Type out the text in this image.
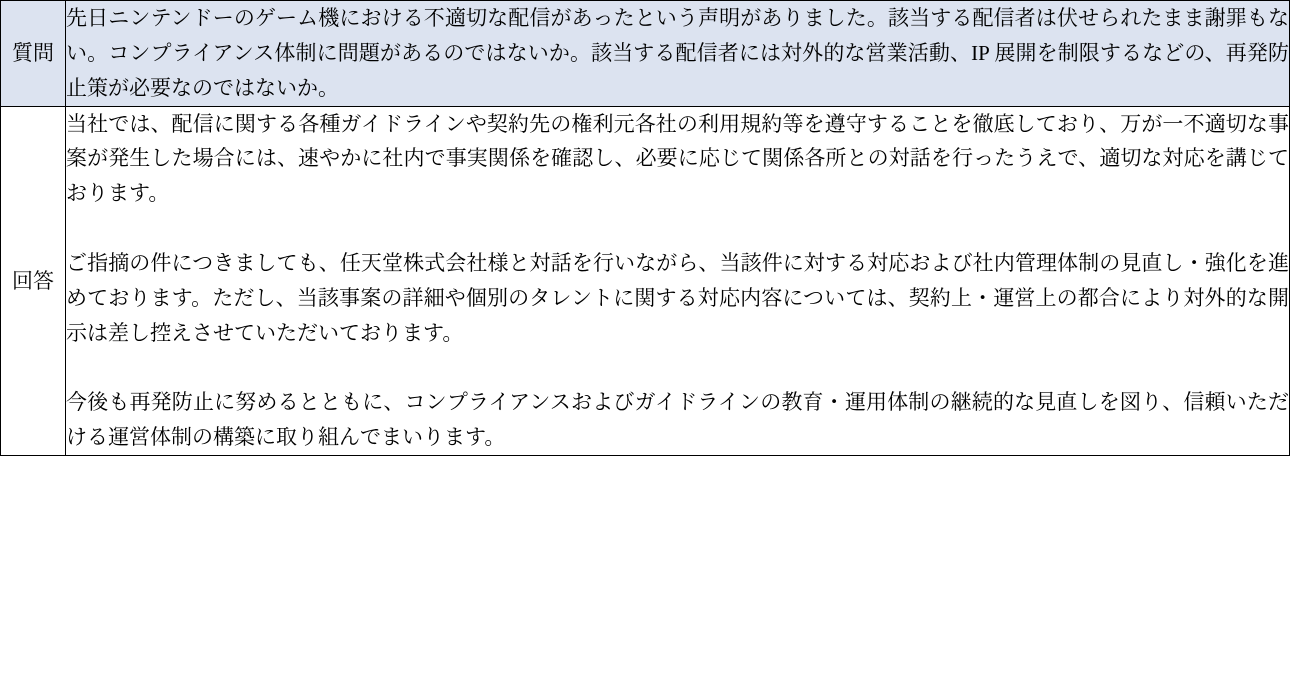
質問	先日ニンテンドーのゲーム機における不適切な配信があったという声明がありました。該当する配信者は伏せられたまま謝罪もない。コンプライアンス体制に問題があるのではないか。該当する配信者には対外的な営業活動、IP 展開を制限するなどの、再発防止策が必要なのではないか。

回答	当社では、配信に関する各種ガイドラインや契約先の権利元各社の利用規約等を遵守することを徹底しており、万が一不適切な事案が発生した場合には、速やかに社内で事実関係を確認し、必要に応じて関係各所との対話を行ったうえで、適切な対応を講じております。

ご指摘の件につきましても、任天堂株式会社様と対話を行いながら、当該件に対する対応および社内管理体制の見直し・強化を進めております。ただし、当該事案の詳細や個別のタレントに関する対応内容については、契約上・運営上の都合により対外的な開示は差し控えさせていただいております。

今後も再発防止に努めるとともに、コンプライアンスおよびガイドラインの教育・運用体制の継続的な見直しを図り、信頼いただける運営体制の構築に取り組んでまいります。
